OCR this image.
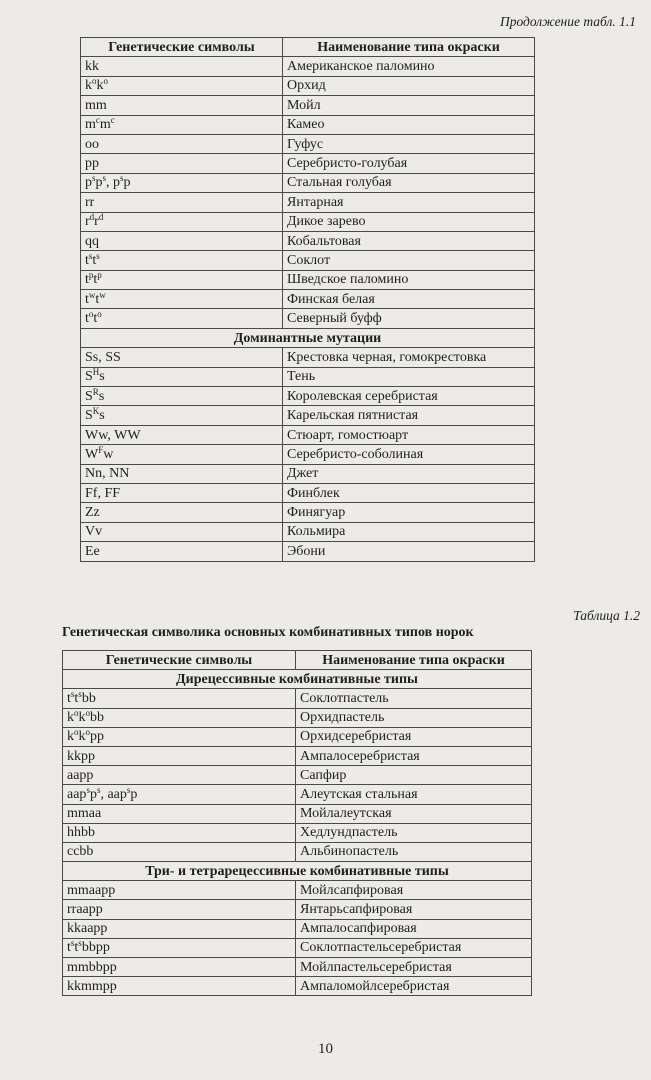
Продолжение табл. 1.1
Генетические символы	Наименование типа окраски
kk	Американское паломино
$k^ok^o$	Орхид
mm	Мойл
$m^cm^c$	Камео
oo	Гуфус
pp	Серебристо-голубая
$p^sp^s$, $p^sp$	Стальная голубая
rr	Янтарная
$r^dr^d$	Дикое зарево
qq	Кобальтовая
$t^st^s$	Соклот
$t^pt^p$	Шведское паломино
$t^wt^w$	Финская белая
$t^ot^o$	Северный буфф
Доминантные мутации	
Ss, SS	Крестовка черная, гомокрестовка
$S^Hs$	Тень
$S^Rs$	Королевская серебристая
$S^Ks$	Карельская пятнистая
Ww, WW	Стюарт, гомостюарт
$W^Fw$	Серебристо-соболиная
Nn, NN	Джет
Ff, FF	Финблек
Zz	Финягуар
Vv	Кольмира
Ee	Эбони
Таблица 1.2
Генетическая символика основных комбинативных типов норок
Генетические символы	Наименование типа окраски
Дирецессивные комбинативные типы	
$t^st^sbb$	Соклотпастель
$k^ok^obb$	Орхидпастель
$k^ok^opp$	Орхидсеребристая
kkpp	Ампалосеребристая
aapp	Сапфир
$aap^sp^s$, aap$^s$p	Алеутская стальная
mmaa	Мойлалеутская
hhbb	Хедлундпастель
ccbb	Альбинопастель
Три- и тетрарецессивные комбинативные типы	
mmaapp	Мойлсапфировая
rraapp	Янтарьсапфировая
kkaapp	Ампалосапфировая
$t^st^sbbpp$	Соклотпастельсеребристая
mmbbpp	Мойлпастельсеребристая
kkmmpp	Ампаломойлсеребристая
10
